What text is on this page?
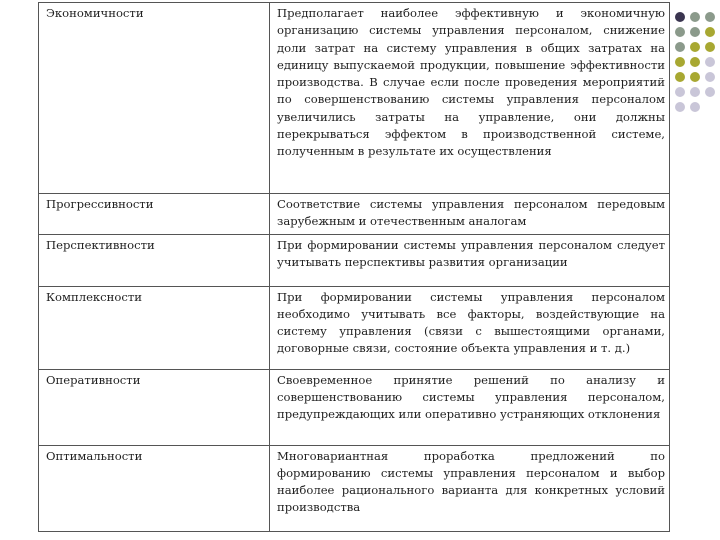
Экономичности	Предполагает наиболее эффективную и экономичную организацию системы управления персоналом, снижение доли затрат на систему управления в общих затратах на единицу выпускаемой продукции, повышение эффективности производства. В случае если после проведения мероприятий по совершенствованию системы управления персоналом увеличились затраты на управление, они должны перекрываться эффектом в производственной системе, полученным в результате их осуществления
Прогрессивности	Соответствие системы управления персоналом передовым зарубежным и отечественным аналогам
Перспективности	При формировании системы управления персоналом следует учитывать перспективы развития организации
Комплексности	При формировании системы управления персоналом необходимо учитывать все факторы, воздействующие на систему управления (связи с вышестоящими органами, договорные связи, состояние объекта управления и т. д.)
Оперативности	Своевременное принятие решений по анализу и совершенствованию системы управления персоналом, предупреждающих или оперативно устраняющих отклонения
Оптимальности	Многовариантная проработка предложений по формированию системы управления персоналом и выбор наиболее рационального варианта для конкретных условий производства
